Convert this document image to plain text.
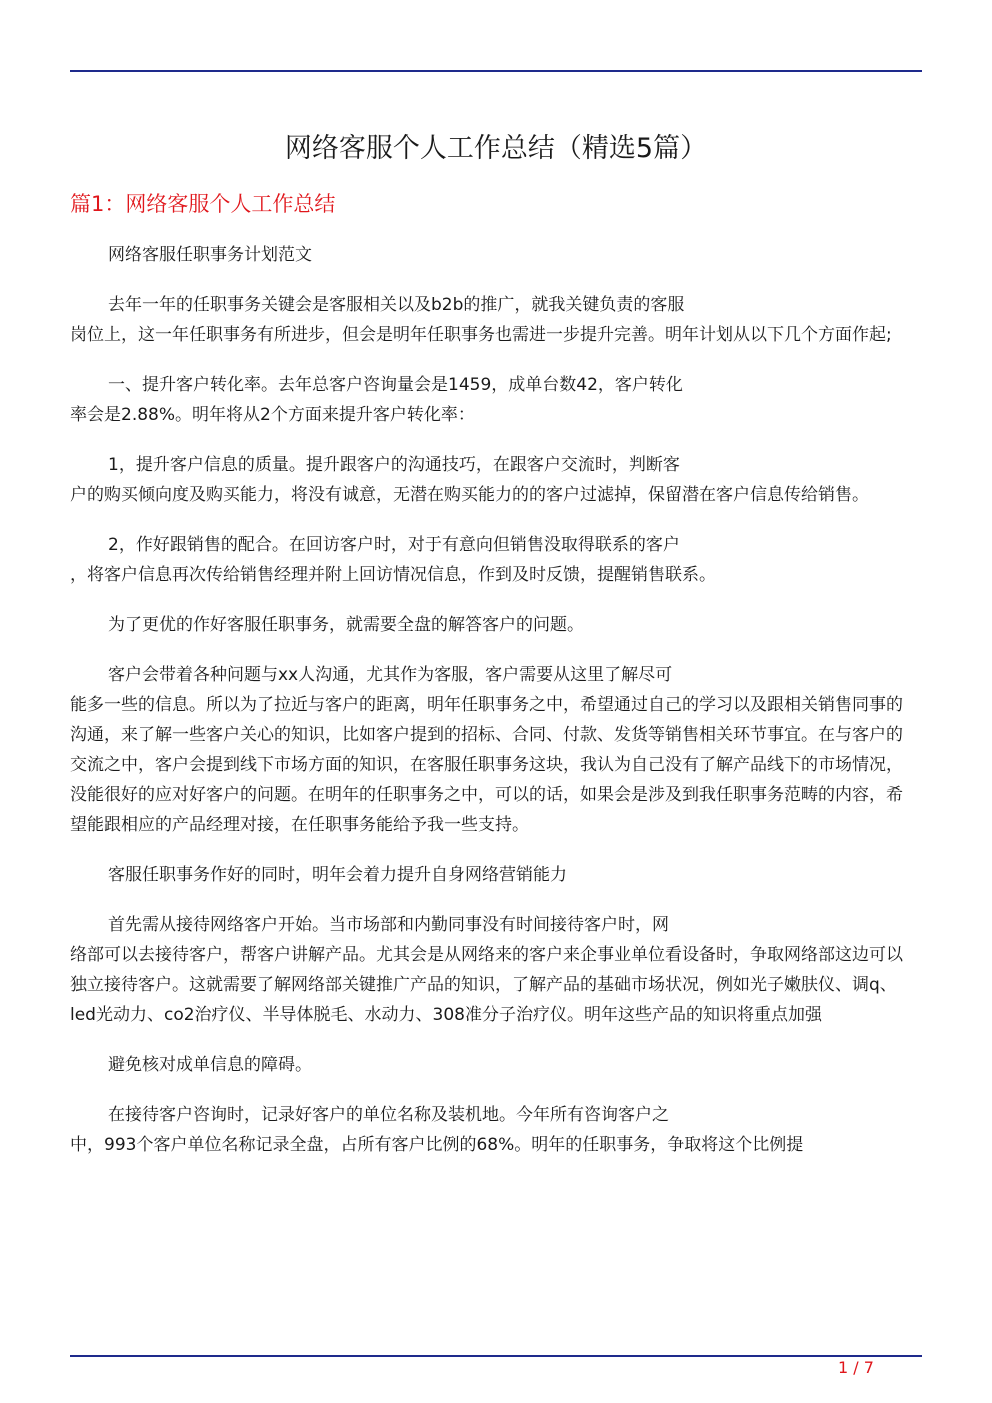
网络客服个人工作总结（精选5篇）
篇1：网络客服个人工作总结

网络客服任职事务计划范文

去年一年的任职事务关键会是客服相关以及b2b的推广，就我关键负责的客服
岗位上，这一年任职事务有所进步，但会是明年任职事务也需进一步提升完善。明年计划从以下几个方面作起;

一、提升客户转化率。去年总客户咨询量会是1459，成单台数42，客户转化
率会是2.88%。明年将从2个方面来提升客户转化率：

1，提升客户信息的质量。提升跟客户的沟通技巧，在跟客户交流时，判断客
户的购买倾向度及购买能力，将没有诚意，无潜在购买能力的的客户过滤掉，保留潜在客户信息传给销售。

2，作好跟销售的配合。在回访客户时，对于有意向但销售没取得联系的客户
，将客户信息再次传给销售经理并附上回访情况信息，作到及时反馈，提醒销售联系。

为了更优的作好客服任职事务，就需要全盘的解答客户的问题。

客户会带着各种问题与xx人沟通，尤其作为客服，客户需要从这里了解尽可
能多一些的信息。所以为了拉近与客户的距离，明年任职事务之中，希望通过自己的学习以及跟相关销售同事的沟通，来了解一些客户关心的知识，比如客户提到的招标、合同、付款、发货等销售相关环节事宜。在与客户的交流之中，客户会提到线下市场方面的知识，在客服任职事务这块，我认为自己没有了解产品线下的市场情况，没能很好的应对好客户的问题。在明年的任职事务之中，可以的话，如果会是涉及到我任职事务范畴的内容，希望能跟相应的产品经理对接，在任职事务能给予我一些支持。

客服任职事务作好的同时，明年会着力提升自身网络营销能力

首先需从接待网络客户开始。当市场部和内勤同事没有时间接待客户时，网
络部可以去接待客户，帮客户讲解产品。尤其会是从网络来的客户来企事业单位看设备时，争取网络部这边可以独立接待客户。这就需要了解网络部关键推广产品的知识，了解产品的基础市场状况，例如光子嫩肤仪、调q、led光动力、co2治疗仪、半导体脱毛、水动力、308准分子治疗仪。明年这些产品的知识将重点加强

避免核对成单信息的障碍。

在接待客户咨询时，记录好客户的单位名称及装机地。今年所有咨询客户之
中，993个客户单位名称记录全盘，占所有客户比例的68%。明年的任职事务，争取将这个比例提

1 / 7
